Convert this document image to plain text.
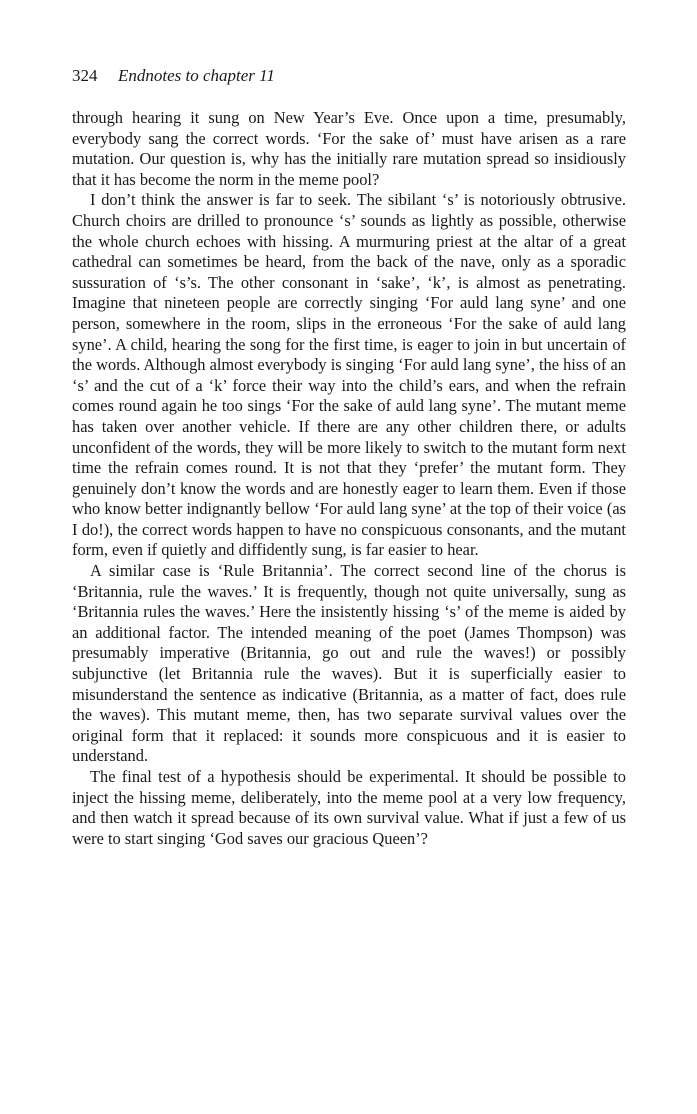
324 Endnotes to chapter 11

through hearing it sung on New Year’s Eve. Once upon a time, presumably, everybody sang the correct words. ‘For the sake of’ must have arisen as a rare mutation. Our question is, why has the initially rare mutation spread so insidiously that it has become the norm in the meme pool?

I don’t think the answer is far to seek. The sibilant ‘s’ is notoriously obtrusive. Church choirs are drilled to pronounce ‘s’ sounds as lightly as possible, otherwise the whole church echoes with hissing. A murmuring priest at the altar of a great cathedral can sometimes be heard, from the back of the nave, only as a sporadic sussuration of ‘s’s. The other consonant in ‘sake’, ‘k’, is almost as penetrating. Imagine that nineteen people are correctly singing ‘For auld lang syne’ and one person, somewhere in the room, slips in the erroneous ‘For the sake of auld lang syne’. A child, hearing the song for the first time, is eager to join in but uncertain of the words. Although almost everybody is singing ‘For auld lang syne’, the hiss of an ‘s’ and the cut of a ‘k’ force their way into the child’s ears, and when the refrain comes round again he too sings ‘For the sake of auld lang syne’. The mutant meme has taken over another vehicle. If there are any other children there, or adults unconfident of the words, they will be more likely to switch to the mutant form next time the refrain comes round. It is not that they ‘prefer’ the mutant form. They genuinely don’t know the words and are honestly eager to learn them. Even if those who know better indignantly bellow ‘For auld lang syne’ at the top of their voice (as I do!), the correct words happen to have no conspicuous consonants, and the mutant form, even if quietly and diffidently sung, is far easier to hear.

A similar case is ‘Rule Britannia’. The correct second line of the chorus is ‘Britannia, rule the waves.’ It is frequently, though not quite universally, sung as ‘Britannia rules the waves.’ Here the insistently hissing ‘s’ of the meme is aided by an additional factor. The intended meaning of the poet (James Thompson) was presumably imperative (Britannia, go out and rule the waves!) or possibly subjunctive (let Britannia rule the waves). But it is superficially easier to misunderstand the sentence as indicative (Britannia, as a matter of fact, does rule the waves). This mutant meme, then, has two separate survival values over the original form that it replaced: it sounds more conspicuous and it is easier to understand.

The final test of a hypothesis should be experimental. It should be possible to inject the hissing meme, deliberately, into the meme pool at a very low frequency, and then watch it spread because of its own survival value. What if just a few of us were to start singing ‘God saves our gracious Queen’?
